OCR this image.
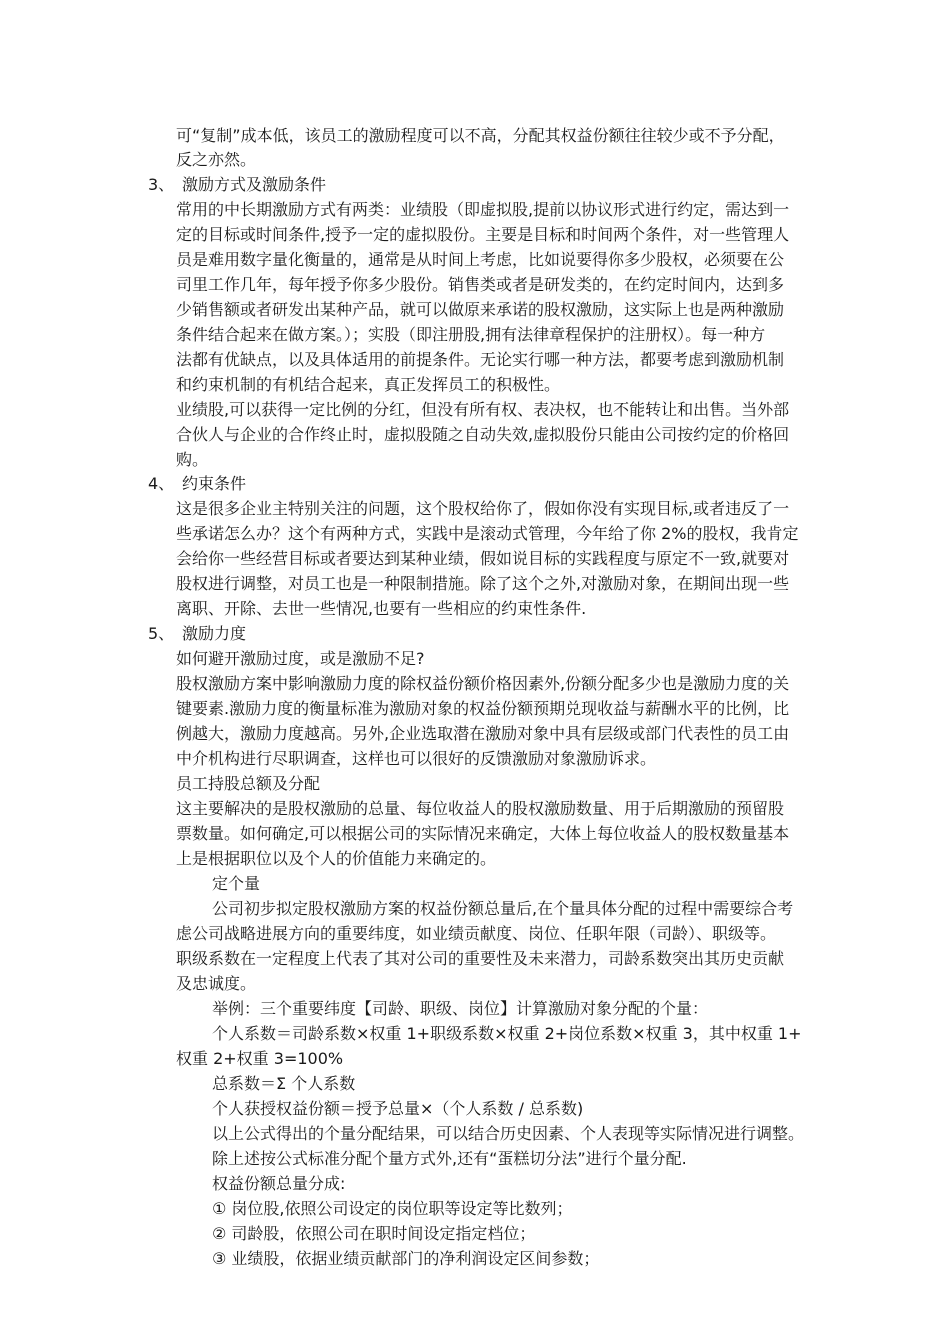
可“复制”成本低，该员工的激励程度可以不高，分配其权益份额往往较少或不予分配，

反之亦然。

3、 激励方式及激励条件

常用的中长期激励方式有两类：业绩股（即虚拟股,提前以协议形式进行约定，需达到一

定的目标或时间条件,授予一定的虚拟股份。主要是目标和时间两个条件，对一些管理人

员是难用数字量化衡量的，通常是从时间上考虑，比如说要得你多少股权，必须要在公

司里工作几年，每年授予你多少股份。销售类或者是研发类的，在约定时间内，达到多

少销售额或者研发出某种产品，就可以做原来承诺的股权激励，这实际上也是两种激励

条件结合起来在做方案。）；实股（即注册股,拥有法律章程保护的注册权）。每一种方

法都有优缺点，以及具体适用的前提条件。无论实行哪一种方法，都要考虑到激励机制

和约束机制的有机结合起来，真正发挥员工的积极性。

业绩股,可以获得一定比例的分红，但没有所有权、表决权，也不能转让和出售。当外部

合伙人与企业的合作终止时，虚拟股随之自动失效,虚拟股份只能由公司按约定的价格回

购。

4、 约束条件

这是很多企业主特别关注的问题，这个股权给你了，假如你没有实现目标,或者违反了一

些承诺怎么办？这个有两种方式，实践中是滚动式管理，今年给了你 2%的股权，我肯定

会给你一些经营目标或者要达到某种业绩，假如说目标的实践程度与原定不一致,就要对

股权进行调整，对员工也是一种限制措施。除了这个之外,对激励对象，在期间出现一些

离职、开除、去世一些情况,也要有一些相应的约束性条件.

5、 激励力度

如何避开激励过度，或是激励不足?

股权激励方案中影响激励力度的除权益份额价格因素外,份额分配多少也是激励力度的关

键要素.激励力度的衡量标准为激励对象的权益份额预期兑现收益与薪酬水平的比例，比

例越大，激励力度越高。另外,企业选取潜在激励对象中具有层级或部门代表性的员工由

中介机构进行尽职调查，这样也可以很好的反馈激励对象激励诉求。

员工持股总额及分配

这主要解决的是股权激励的总量、每位收益人的股权激励数量、用于后期激励的预留股

票数量。如何确定,可以根据公司的实际情况来确定，大体上每位收益人的股权数量基本

上是根据职位以及个人的价值能力来确定的。

定个量

公司初步拟定股权激励方案的权益份额总量后,在个量具体分配的过程中需要综合考

虑公司战略进展方向的重要纬度，如业绩贡献度、岗位、任职年限（司龄）、职级等。

职级系数在一定程度上代表了其对公司的重要性及未来潜力，司龄系数突出其历史贡献

及忠诚度。

举例：三个重要纬度【司龄、职级、岗位】计算激励对象分配的个量：

个人系数＝司龄系数×权重 1+职级系数×权重 2+岗位系数×权重 3，其中权重 1+

权重 2+权重 3=100%

总系数＝Σ 个人系数

个人获授权益份额＝授予总量×（个人系数 / 总系数)

以上公式得出的个量分配结果，可以结合历史因素、个人表现等实际情况进行调整。

除上述按公式标准分配个量方式外,还有“蛋糕切分法”进行个量分配.

权益份额总量分成:

① 岗位股,依照公司设定的岗位职等设定等比数列；

② 司龄股，依照公司在职时间设定指定档位；

③ 业绩股，依据业绩贡献部门的净利润设定区间参数；
